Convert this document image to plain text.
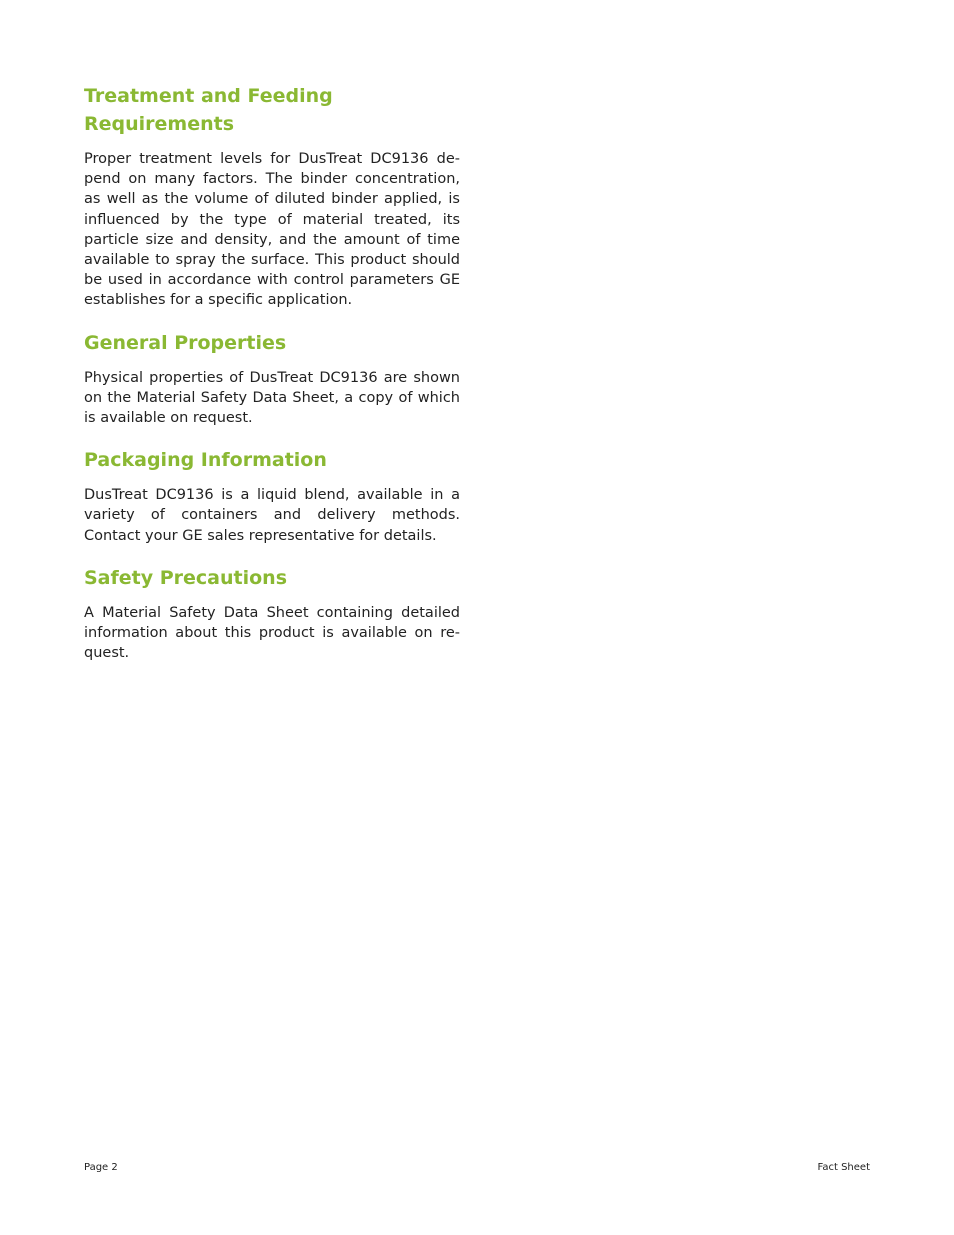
Treatment and Feeding Requirements

Proper treatment levels for DusTreat DC9136 depend on many factors. The binder concentration, as well as the volume of diluted binder applied, is influenced by the type of material treated, its particle size and density, and the amount of time available to spray the surface. This product should be used in accordance with control parameters GE establishes for a specific application.

General Properties

Physical properties of DusTreat DC9136 are shown on the Material Safety Data Sheet, a copy of which is available on request.

Packaging Information

DusTreat DC9136 is a liquid blend, available in a variety of containers and delivery methods. Contact your GE sales representative for details.

Safety Precautions

A Material Safety Data Sheet containing detailed information about this product is available on request.

Page 2	Fact Sheet
